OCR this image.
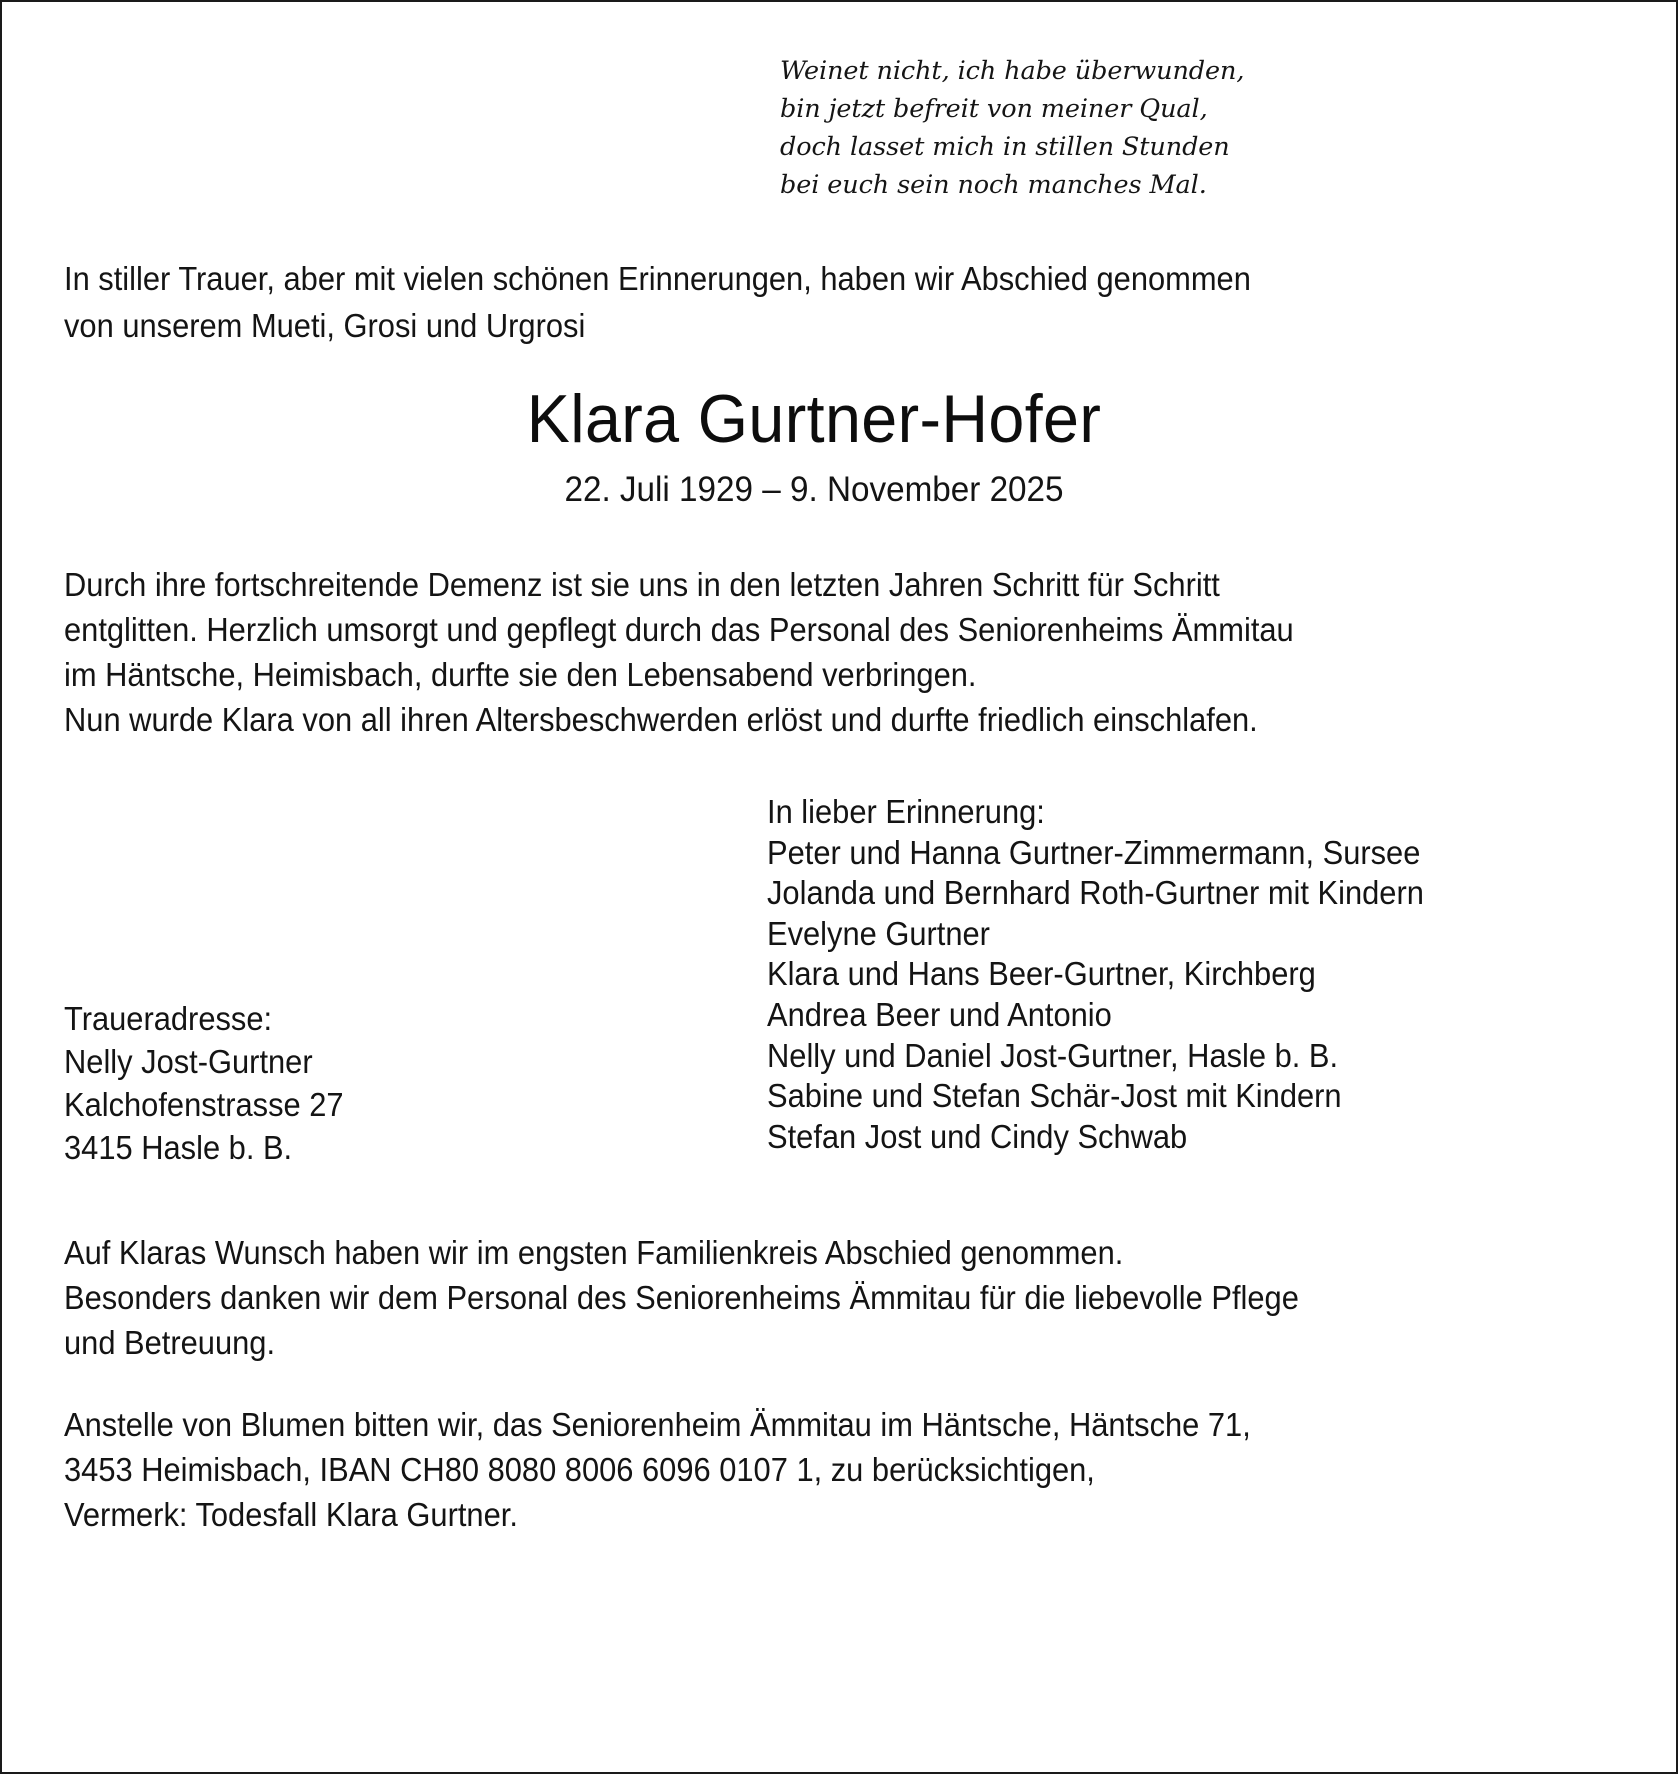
Weinet nicht, ich habe überwunden,
bin jetzt befreit von meiner Qual,
doch lasset mich in stillen Stunden
bei euch sein noch manches Mal.
In stiller Trauer, aber mit vielen schönen Erinnerungen, haben wir Abschied genommen
von unserem Mueti, Grosi und Urgrosi
Klara Gurtner-Hofer
22. Juli 1929 – 9. November 2025
Durch ihre fortschreitende Demenz ist sie uns in den letzten Jahren Schritt für Schritt
entglitten. Herzlich umsorgt und gepflegt durch das Personal des Seniorenheims Ämmitau
im Häntsche, Heimisbach, durfte sie den Lebensabend verbringen.
Nun wurde Klara von all ihren Altersbeschwerden erlöst und durfte friedlich einschlafen.
Traueradresse:
Nelly Jost-Gurtner
Kalchofenstrasse 27
3415 Hasle b. B.
In lieber Erinnerung:
Peter und Hanna Gurtner-Zimmermann, Sursee
Jolanda und Bernhard Roth-Gurtner mit Kindern
Evelyne Gurtner
Klara und Hans Beer-Gurtner, Kirchberg
Andrea Beer und Antonio
Nelly und Daniel Jost-Gurtner, Hasle b. B.
Sabine und Stefan Schär-Jost mit Kindern
Stefan Jost und Cindy Schwab
Auf Klaras Wunsch haben wir im engsten Familienkreis Abschied genommen.
Besonders danken wir dem Personal des Seniorenheims Ämmitau für die liebevolle Pflege
und Betreuung.
Anstelle von Blumen bitten wir, das Seniorenheim Ämmitau im Häntsche, Häntsche 71,
3453 Heimisbach, IBAN CH80 8080 8006 6096 0107 1, zu berücksichtigen,
Vermerk: Todesfall Klara Gurtner.
